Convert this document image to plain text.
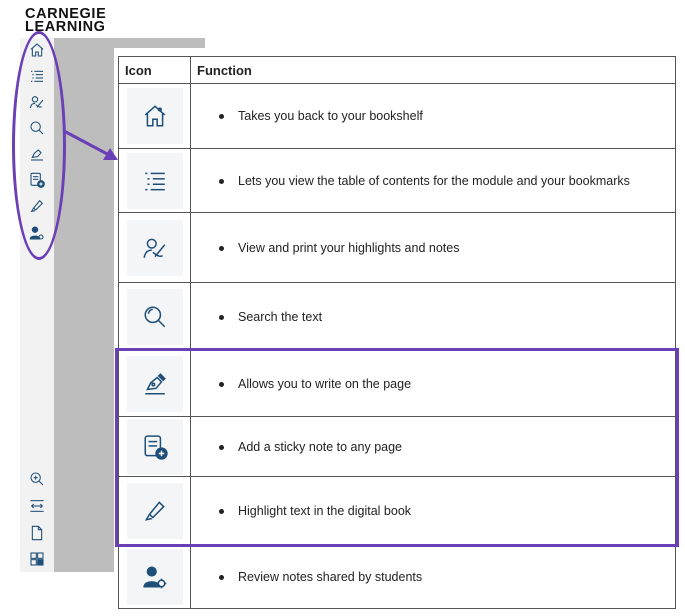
CARNEGIE
LEARNING
Icon	Function

	Takes you back to your bookshelf

	Lets you view the table of contents for the module and your bookmarks

	View and print your highlights and notes

	Search the text

	Allows you to write on the page

	Add a sticky note to any page

	Highlight text in the digital book

	Review notes shared by students
